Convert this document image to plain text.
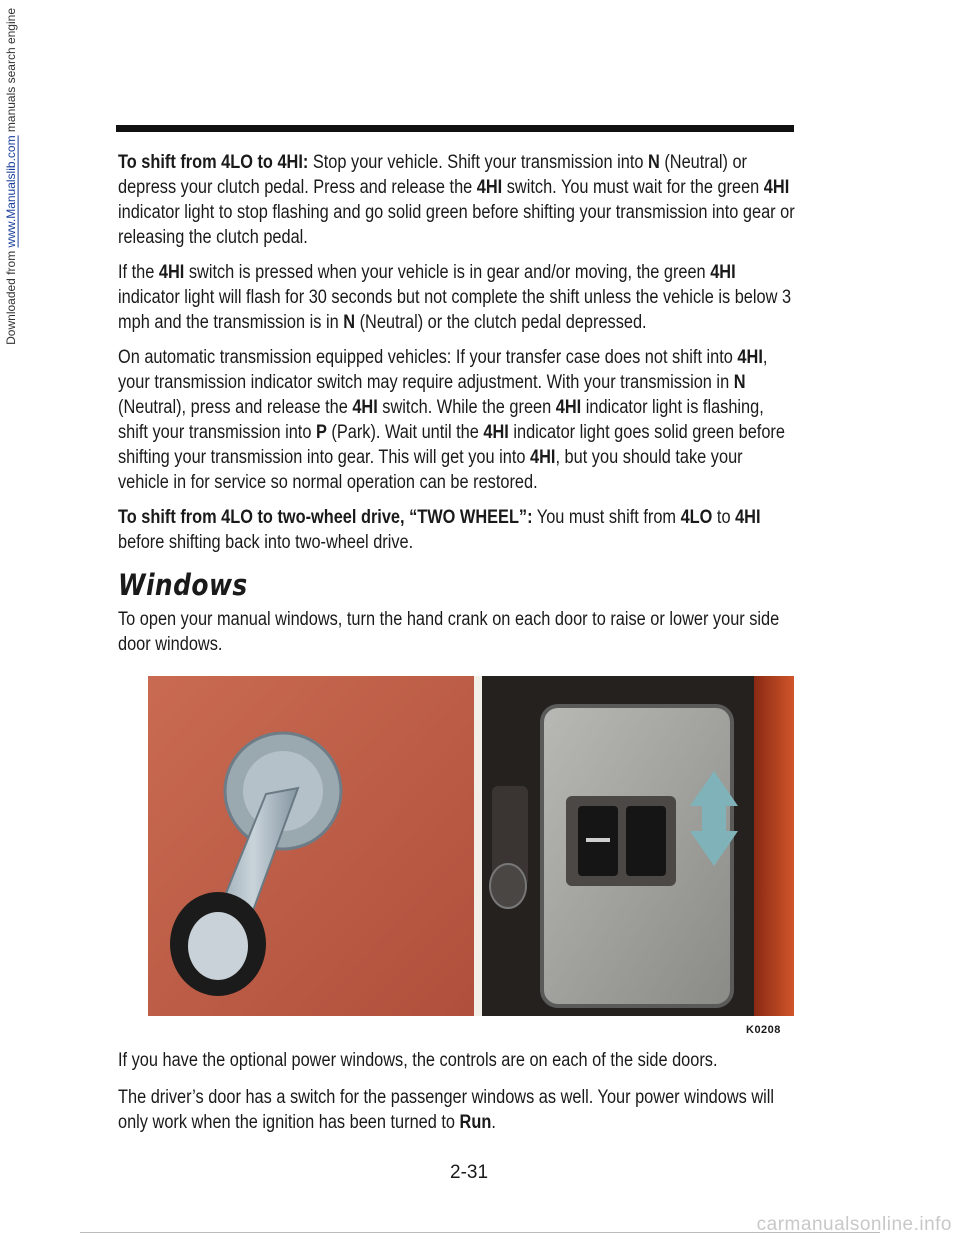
Downloaded from www.Manualslib.com manuals search engine

To shift from 4LO to 4HI: Stop your vehicle. Shift your transmission into N (Neutral) or depress your clutch pedal. Press and release the 4HI switch. You must wait for the green 4HI indicator light to stop flashing and go solid green before shifting your transmission into gear or releasing the clutch pedal.

If the 4HI switch is pressed when your vehicle is in gear and/or moving, the green 4HI indicator light will flash for 30 seconds but not complete the shift unless the vehicle is below 3 mph and the transmission is in N (Neutral) or the clutch pedal depressed.

On automatic transmission equipped vehicles: If your transfer case does not shift into 4HI, your transmission indicator switch may require adjustment. With your transmission in N (Neutral), press and release the 4HI switch. While the green 4HI indicator light is flashing, shift your transmission into P (Park). Wait until the 4HI indicator light goes solid green before shifting your transmission into gear. This will get you into 4HI, but you should take your vehicle in for service so normal operation can be restored.

To shift from 4LO to two-wheel drive, “TWO WHEEL”: You must shift from 4LO to 4HI before shifting back into two-wheel drive.

Windows

To open your manual windows, turn the hand crank on each door to raise or lower your side door windows.

K0208

If you have the optional power windows, the controls are on each of the side doors.

The driver’s door has a switch for the passenger windows as well. Your power windows will only work when the ignition has been turned to Run.

2-31
carmanualsonline.info
